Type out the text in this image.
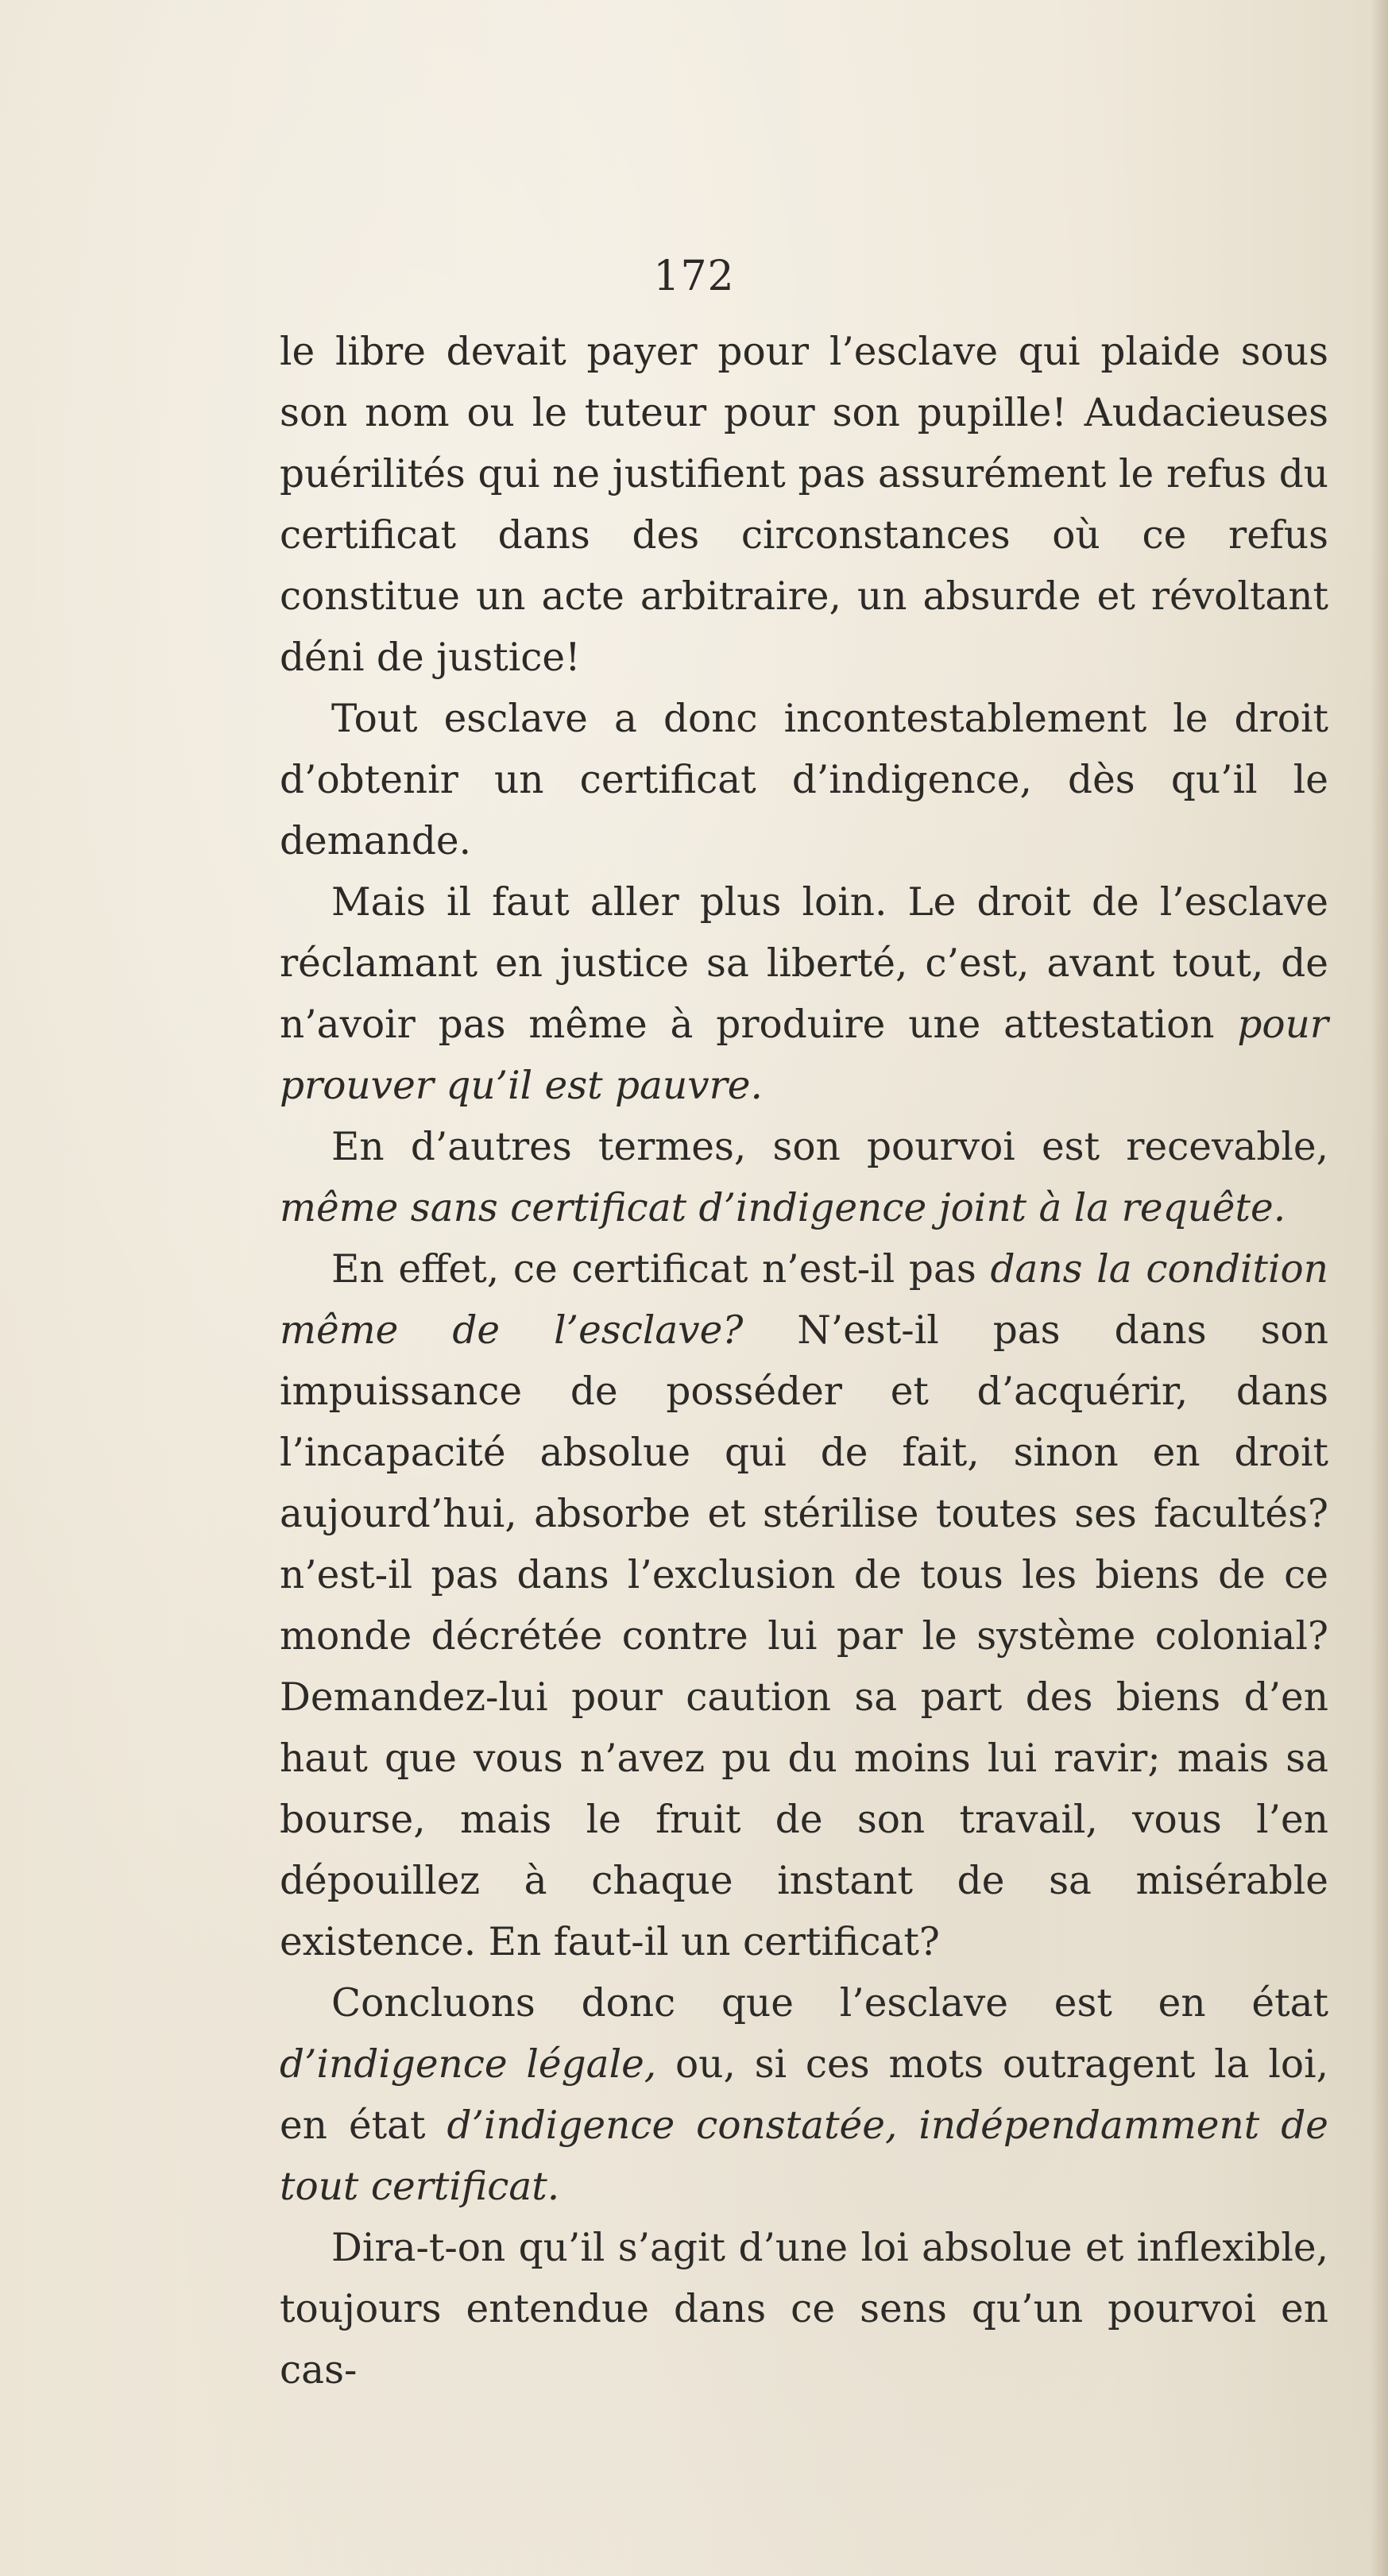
172

le libre devait payer pour l’esclave qui plaide sous son nom ou le tuteur pour son pupille! Audacieuses puérilités qui ne justifient pas assurément le refus du certificat dans des circonstances où ce refus constitue un acte arbitraire, un absurde et révoltant déni de justice!

Tout esclave a donc incontestablement le droit d’obtenir un certificat d’indigence, dès qu’il le demande.

Mais il faut aller plus loin. Le droit de l’esclave réclamant en justice sa liberté, c’est, avant tout, de n’avoir pas même à produire une attestation pour prouver qu’il est pauvre.

En d’autres termes, son pourvoi est recevable, même sans certificat d’indigence joint à la requête.

En effet, ce certificat n’est-il pas dans la condition même de l’esclave? N’est-il pas dans son impuissance de posséder et d’acquérir, dans l’incapacité absolue qui de fait, sinon en droit aujourd’hui, absorbe et stérilise toutes ses facultés? n’est-il pas dans l’exclusion de tous les biens de ce monde décrétée contre lui par le système colonial? Demandez-lui pour caution sa part des biens d’en haut que vous n’avez pu du moins lui ravir; mais sa bourse, mais le fruit de son travail, vous l’en dépouillez à chaque instant de sa misérable existence. En faut-il un certificat?

Concluons donc que l’esclave est en état d’indigence légale, ou, si ces mots outragent la loi, en état d’indigence constatée, indépendamment de tout certificat.

Dira-t-on qu’il s’agit d’une loi absolue et inflexible, toujours entendue dans ce sens qu’un pourvoi en cas-
